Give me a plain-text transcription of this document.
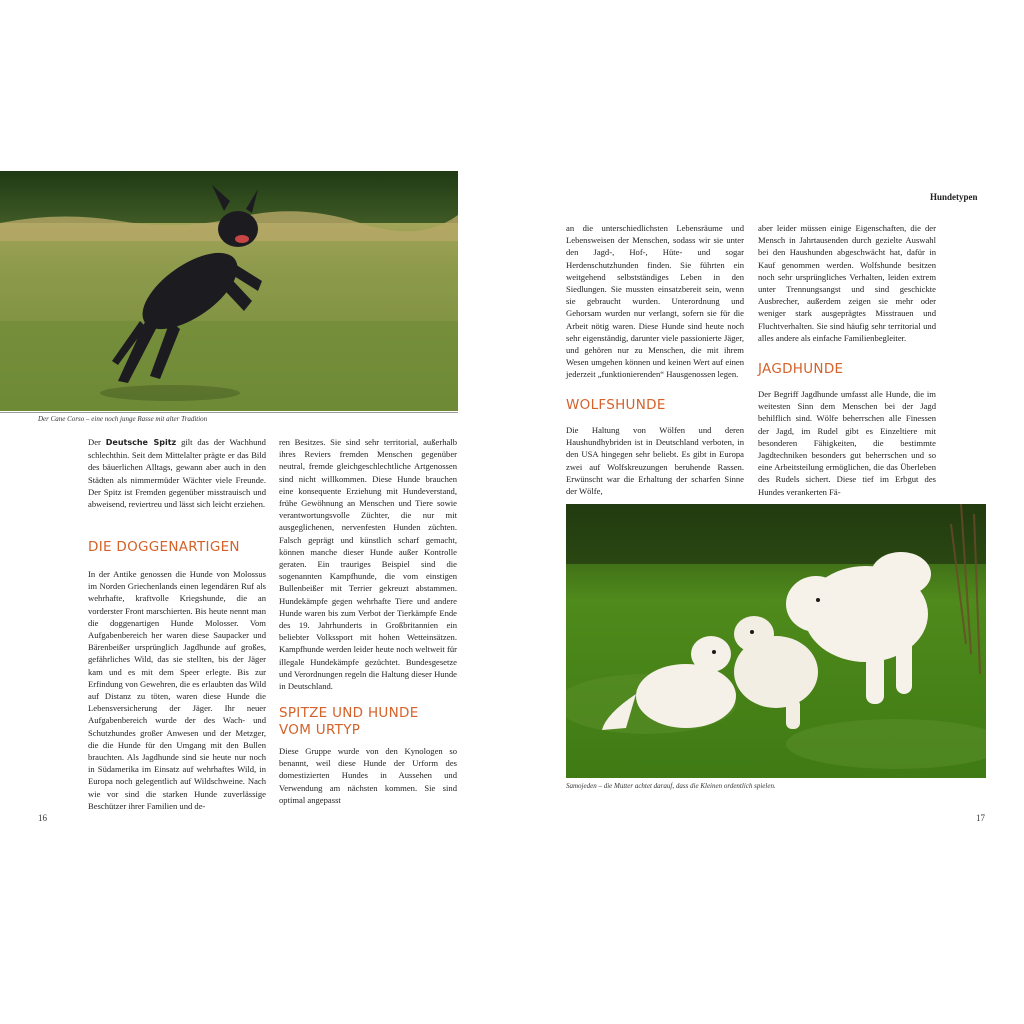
Hundetypen
Der Cane Corso – eine noch junge Rasse mit alter Tradition

Der Deutsche Spitz gilt das der Wachhund schlechthin. Seit dem Mittelalter prägte er das Bild des bäuerlichen Alltags, gewann aber auch in den Städten als nimmermüder Wächter viele Freunde. Der Spitz ist Fremden gegenüber misstrauisch und abweisend, reviertreu und lässt sich leicht erziehen.

DIE DOGGENARTIGEN

In der Antike genossen die Hunde von Molossus im Norden Griechenlands einen legendären Ruf als wehrhafte, kraftvolle Kriegshunde, die an vorderster Front marschierten. Bis heute nennt man die doggenartigen Hunde Molosser. Vom Aufgabenbereich her waren diese Saupacker und Bärenbeißer ursprünglich Jagdhunde auf großes, gefährliches Wild, das sie stellten, bis der Jäger kam und es mit dem Speer erlegte. Bis zur Erfindung von Gewehren, die es erlaubten das Wild auf Distanz zu töten, waren diese Hunde die Lebensversicherung der Jäger. Ihr neuer Aufgabenbereich wurde der des Wach- und Schutzhundes großer Anwesen und der Metzger, die die Hunde für den Umgang mit den Bullen brauchten. Als Jagdhunde sind sie heute nur noch in Südamerika im Einsatz auf wehrhaftes Wild, in Europa noch gelegentlich auf Wildschweine. Nach wie vor sind die starken Hunde zuverlässige Beschützer ihrer Familien und de-

ren Besitzes. Sie sind sehr territorial, außerhalb ihres Reviers fremden Menschen gegenüber neutral, fremde gleichgeschlechtliche Artgenossen sind nicht willkommen. Diese Hunde brauchen eine konsequente Erziehung mit Hundeverstand, frühe Gewöhnung an Menschen und Tiere sowie verantwortungsvolle Züchter, die nur mit ausgeglichenen, nervenfesten Hunden züchten. Falsch geprägt und künstlich scharf gemacht, können manche dieser Hunde außer Kontrolle geraten. Ein trauriges Beispiel sind die sogenannten Kampfhunde, die vom einstigen Bullenbeißer mit Terrier gekreuzt abstammen. Hundekämpfe gegen wehrhafte Tiere und andere Hunde waren bis zum Verbot der Tierkämpfe Ende des 19. Jahrhunderts in Großbritannien ein beliebter Volkssport mit hohen Wetteinsätzen. Kampfhunde werden leider heute noch weltweit für illegale Hundekämpfe gezüchtet. Bundesgesetze und Verordnungen regeln die Haltung dieser Hunde in Deutschland.

SPITZE UND HUNDE
VOM URTYP

Diese Gruppe wurde von den Kynologen so benannt, weil diese Hunde der Urform des domestizierten Hundes in Aussehen und Verwendung am nächsten kommen. Sie sind optimal angepasst

an die unterschiedlichsten Lebensräume und Lebensweisen der Menschen, sodass wir sie unter den Jagd-, Hof-, Hüte- und sogar Herdenschutzhunden finden. Sie führten ein weitgehend selbstständiges Leben in den Siedlungen. Sie mussten einsatzbereit sein, wenn sie gebraucht wurden. Unterordnung und Gehorsam wurden nur verlangt, sofern sie für die Arbeit nötig waren. Diese Hunde sind heute noch sehr eigenständig, darunter viele passionierte Jäger, und gehören nur zu Menschen, die mit ihrem Wesen umgehen können und keinen Wert auf einen jederzeit „funktionierenden“ Hausgenossen legen.

WOLFSHUNDE

Die Haltung von Wölfen und deren Haushundhybriden ist in Deutschland verboten, in den USA hingegen sehr beliebt. Es gibt in Europa zwei auf Wolfskreuzungen beruhende Rassen. Erwünscht war die Erhaltung der scharfen Sinne der Wölfe,

aber leider müssen einige Eigenschaften, die der Mensch in Jahrtausenden durch gezielte Auswahl bei den Haushunden abgeschwächt hat, dafür in Kauf genommen werden. Wolfshunde besitzen noch sehr ursprüngliches Verhalten, leiden extrem unter Trennungsangst und sind geschickte Ausbrecher, außerdem zeigen sie mehr oder weniger stark ausgeprägtes Misstrauen und Fluchtverhalten. Sie sind häufig sehr territorial und alles andere als einfache Familienbegleiter.

JAGDHUNDE

Der Begriff Jagdhunde umfasst alle Hunde, die im weitesten Sinn dem Menschen bei der Jagd behilflich sind. Wölfe beherrschen alle Finessen der Jagd, im Rudel gibt es Einzeltiere mit besonderen Fähigkeiten, die bestimmte Jagdtechniken besonders gut beherrschen und so eine Arbeitsteilung ermöglichen, die das Überleben des Rudels sichert. Diese tief im Erbgut des Hundes verankerten Fä-

Samojeden – die Mutter achtet darauf, dass die Kleinen ordentlich spielen.
16	17
